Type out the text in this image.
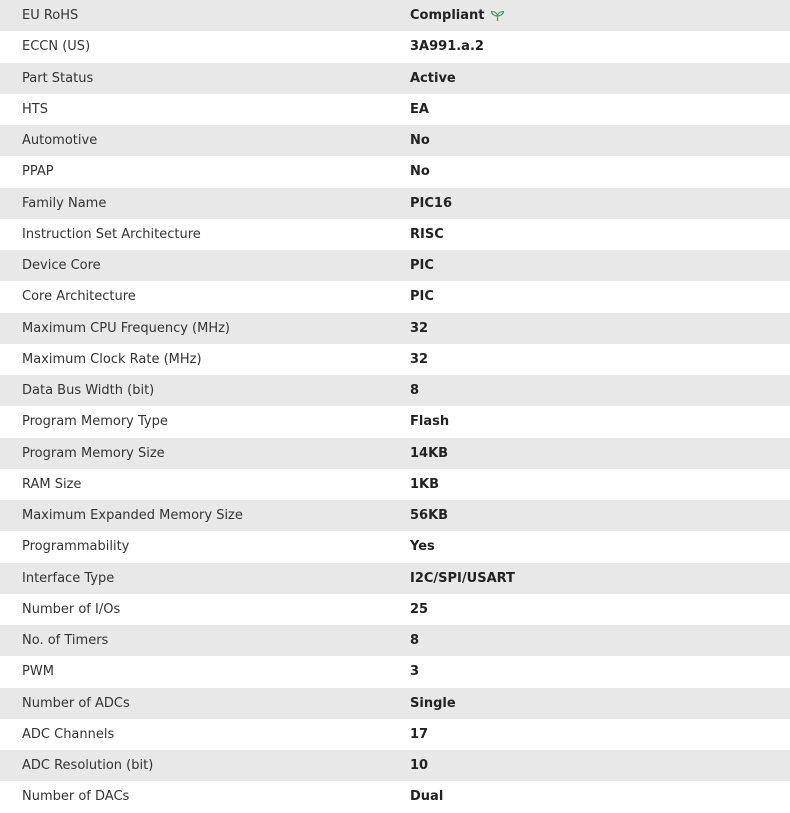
EU RoHS	Compliant
ECCN (US)	3A991.a.2
Part Status	Active
HTS	EA
Automotive	No
PPAP	No
Family Name	PIC16
Instruction Set Architecture	RISC
Device Core	PIC
Core Architecture	PIC
Maximum CPU Frequency (MHz)	32
Maximum Clock Rate (MHz)	32
Data Bus Width (bit)	8
Program Memory Type	Flash
Program Memory Size	14KB
RAM Size	1KB
Maximum Expanded Memory Size	56KB
Programmability	Yes
Interface Type	I2C/SPI/USART
Number of I/Os	25
No. of Timers	8
PWM	3
Number of ADCs	Single
ADC Channels	17
ADC Resolution (bit)	10
Number of DACs	Dual
